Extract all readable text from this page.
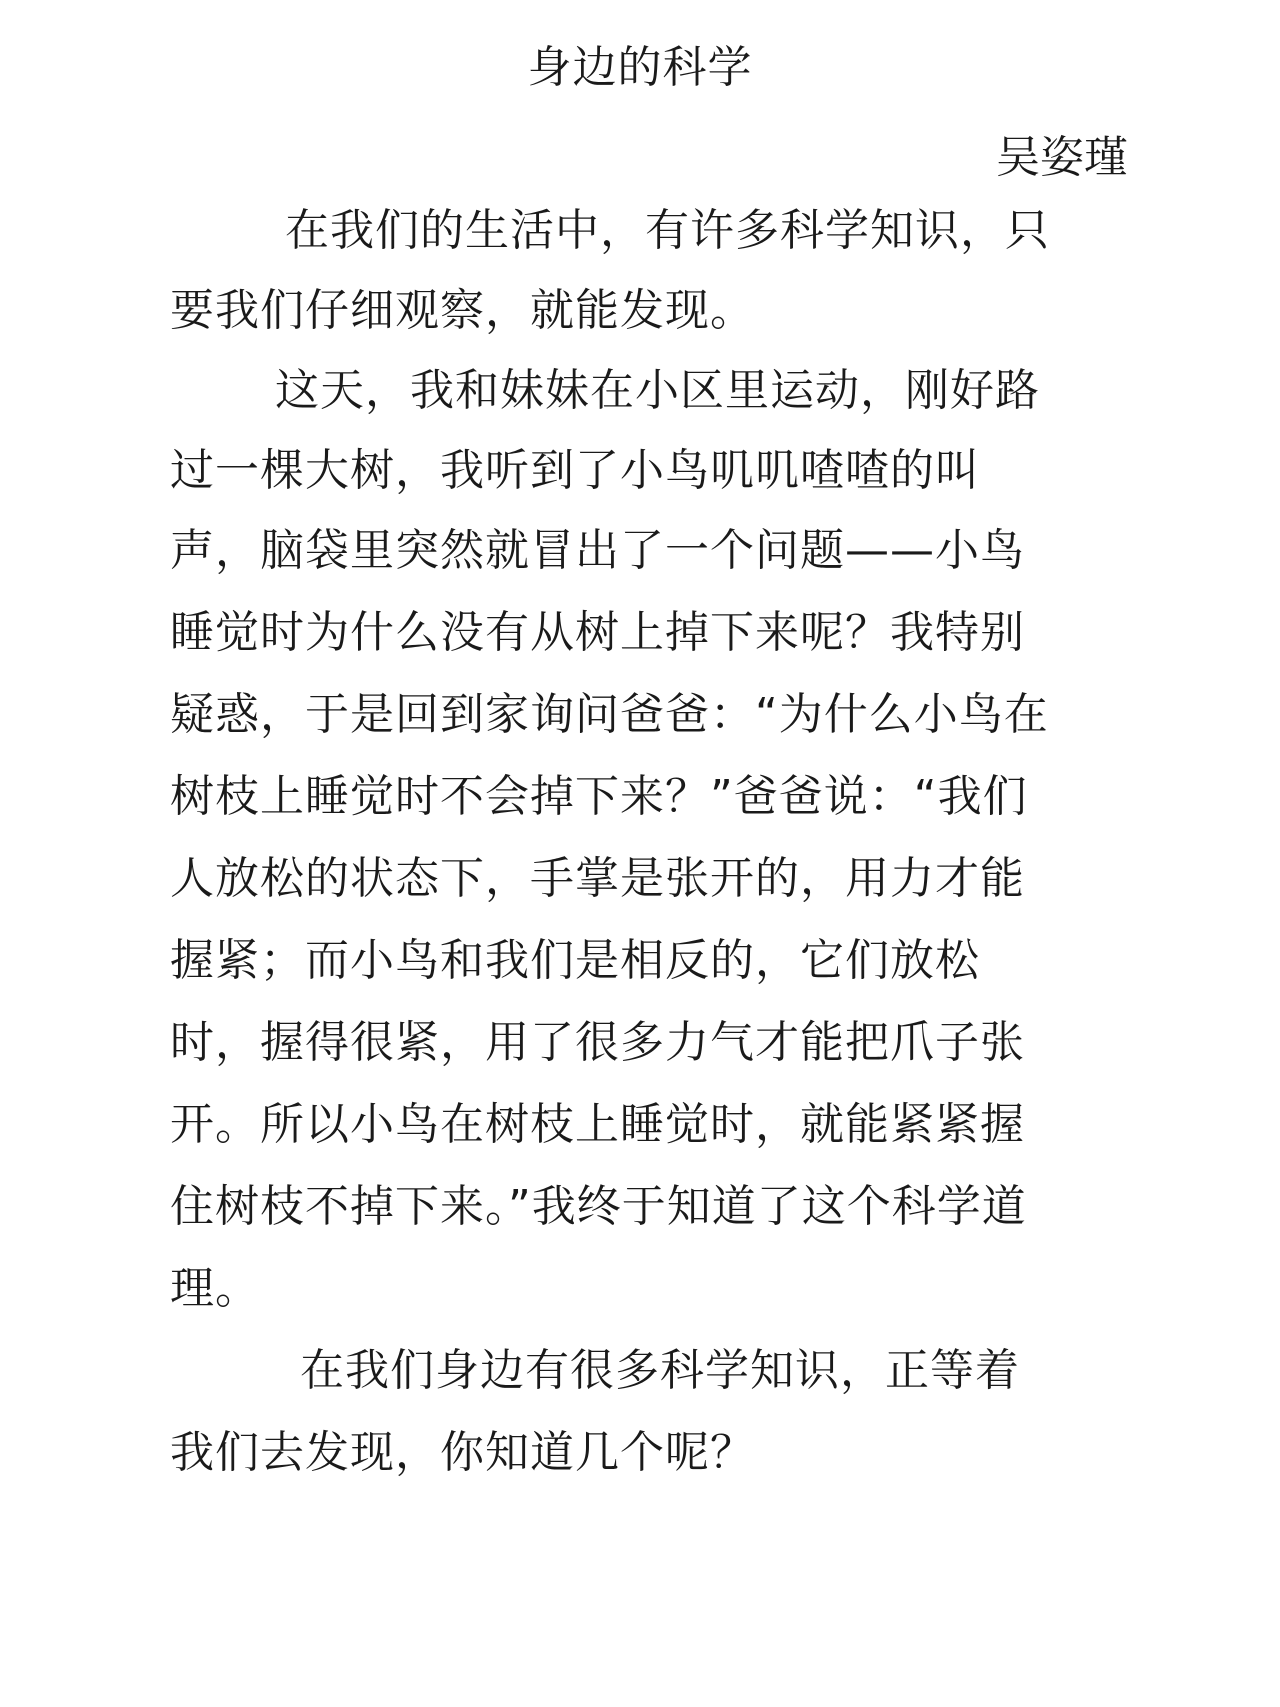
身边的科学
吴姿瑾
在我们的生活中，有许多科学知识，只
要我们仔细观察，就能发现。
这天，我和妹妹在小区里运动，刚好路
过一棵大树，我听到了小鸟叽叽喳喳的叫
声，脑袋里突然就冒出了一个问题——小鸟
睡觉时为什么没有从树上掉下来呢？我特别
疑惑，于是回到家询问爸爸：“为什么小鸟在
树枝上睡觉时不会掉下来？”爸爸说：“我们
人放松的状态下，手掌是张开的，用力才能
握紧；而小鸟和我们是相反的，它们放松
时，握得很紧，用了很多力气才能把爪子张
开。所以小鸟在树枝上睡觉时，就能紧紧握
住树枝不掉下来。”我终于知道了这个科学道
理。
在我们身边有很多科学知识，正等着
我们去发现，你知道几个呢？
